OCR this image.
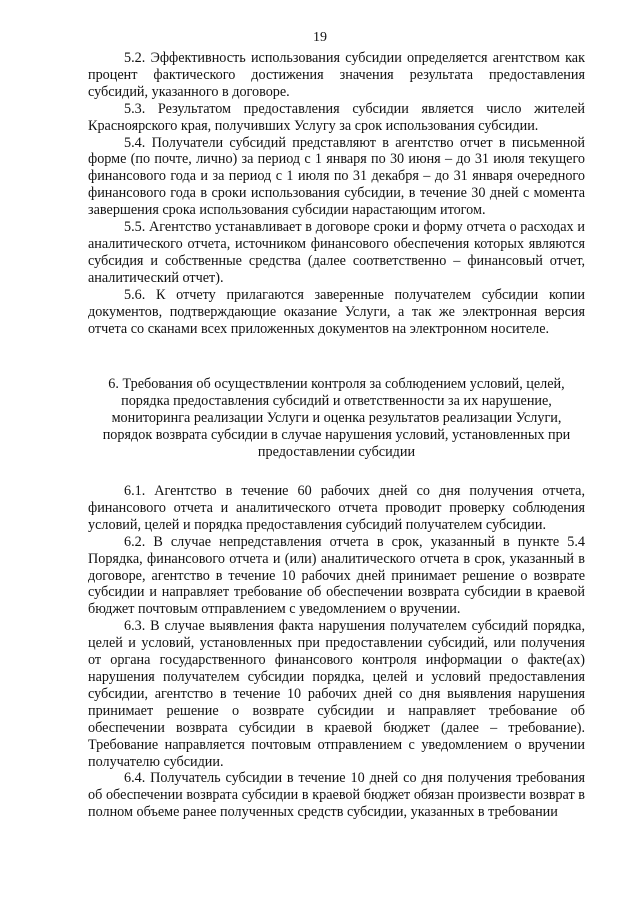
19

5.2. Эффективность использования субсидии определяется агентством как процент фактического достижения значения результата предоставления субсидий, указанного в договоре.

5.3. Результатом предоставления субсидии является число жителей Красноярского края, получивших Услугу за срок использования субсидии.

5.4. Получатели субсидий представляют в агентство отчет в письменной форме (по почте, лично) за период с 1 января по 30 июня – до 31 июля текущего финансового года и за период с 1 июля по 31 декабря – до 31 января очередного финансового года в сроки использования субсидии, в течение 30 дней с момента завершения срока использования субсидии нарастающим итогом.

5.5. Агентство устанавливает в договоре сроки и форму отчета о расходах и аналитического отчета, источником финансового обеспечения которых являются субсидия и собственные средства (далее соответственно – финансовый отчет, аналитический отчет).

5.6. К отчету прилагаются заверенные получателем субсидии копии документов, подтверждающие оказание Услуги, а так же электронная версия отчета со сканами всех приложенных документов на электронном носителе.

6. Требования об осуществлении контроля за соблюдением условий, целей, порядка предоставления субсидий и ответственности за их нарушение, мониторинга реализации Услуги и оценка результатов реализации Услуги, порядок возврата субсидии в случае нарушения условий, установленных при предоставлении субсидии

6.1. Агентство в течение 60 рабочих дней со дня получения отчета, финансового отчета и аналитического отчета проводит проверку соблюдения условий, целей и порядка предоставления субсидий получателем субсидии.

6.2. В случае непредставления отчета в срок, указанный в пункте 5.4 Порядка, финансового отчета и (или) аналитического отчета в срок, указанный в договоре, агентство в течение 10 рабочих дней принимает решение о возврате субсидии и направляет требование об обеспечении возврата субсидии в краевой бюджет почтовым отправлением с уведомлением о вручении.

6.3. В случае выявления факта нарушения получателем субсидий порядка, целей и условий, установленных при предоставлении субсидий, или получения от органа государственного финансового контроля информации о факте(ах) нарушения получателем субсидии порядка, целей и условий предоставления субсидии, агентство в течение 10 рабочих дней со дня выявления нарушения принимает решение о возврате субсидии и направляет требование об обеспечении возврата субсидии в краевой бюджет (далее – требование). Требование направляется почтовым отправлением с уведомлением о вручении получателю субсидии.

6.4. Получатель субсидии в течение 10 дней со дня получения требования об обеспечении возврата субсидии в краевой бюджет обязан произвести возврат в полном объеме ранее полученных средств субсидии, указанных в требовании
